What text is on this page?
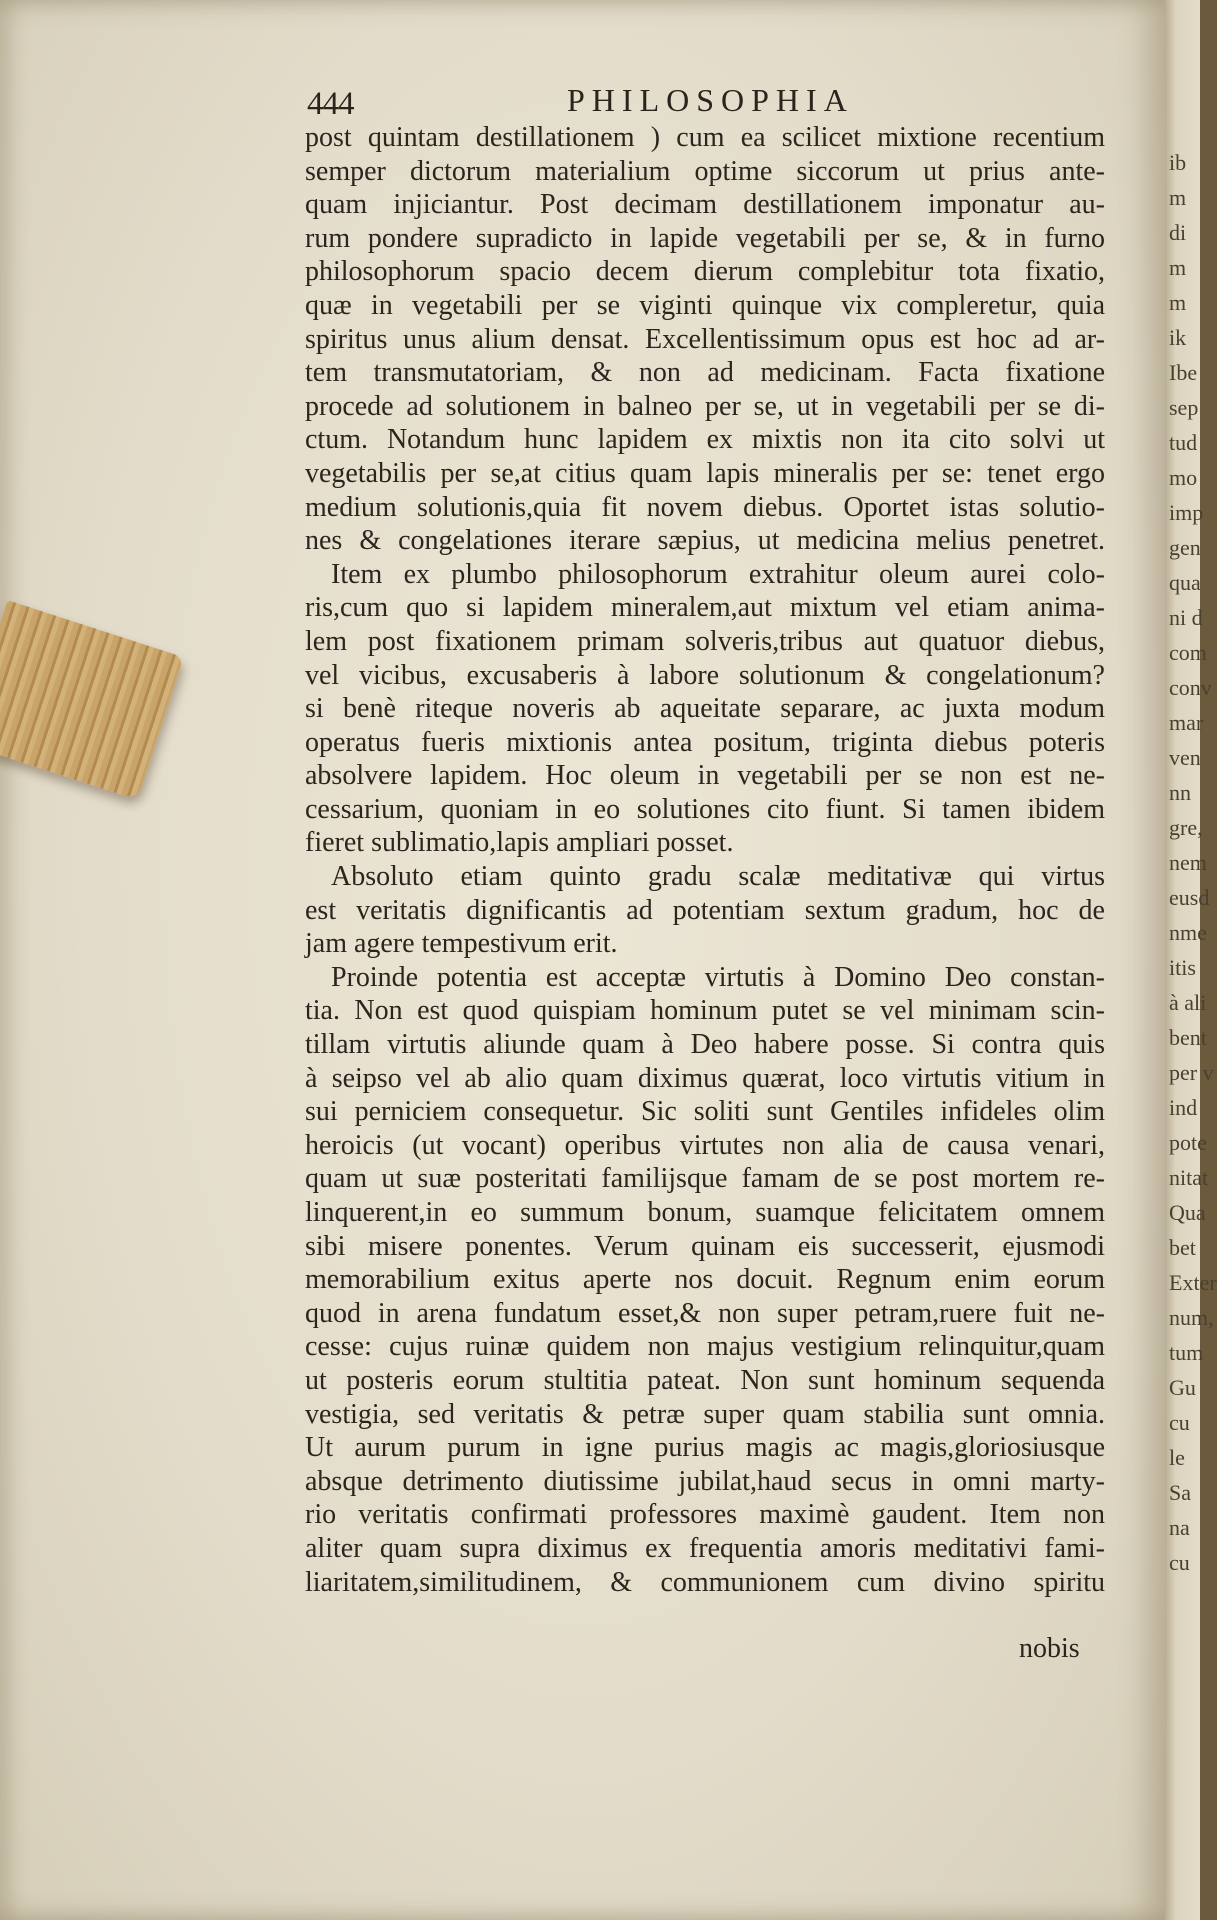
ib
m
di
m
m
ik
Ibe
sep
tud
mo
imp
gen
qua
ni d
com
conv
mar
ven
nn
gre,
nem
eusd
nme
itis
à ali
bent
per v
ind
pote
nitat
Qua
bet
Exter
num,
tum
Gu
cu
le
Sa
na
cu
444	PHILOSOPHIA
post quintam destillationem ) cum ea scilicet mixtione recentium
semper dictorum materialium optime siccorum ut prius ante-
quam injiciantur. Post decimam destillationem imponatur au-
rum pondere supradicto in lapide vegetabili per se, & in furno
philosophorum spacio decem dierum complebitur tota fixatio,
quæ in vegetabili per se viginti quinque vix compleretur, quia
spiritus unus alium densat. Excellentissimum opus est hoc ad ar-
tem transmutatoriam, & non ad medicinam. Facta fixatione
procede ad solutionem in balneo per se, ut in vegetabili per se di-
ctum. Notandum hunc lapidem ex mixtis non ita cito solvi ut
vegetabilis per se,at citius quam lapis mineralis per se: tenet ergo
medium solutionis,quia fit novem diebus. Oportet istas solutio-
nes & congelationes iterare sæpius, ut medicina melius penetret.
Item ex plumbo philosophorum extrahitur oleum aurei colo-
ris,cum quo si lapidem mineralem,aut mixtum vel etiam anima-
lem post fixationem primam solveris,tribus aut quatuor diebus,
vel vicibus, excusaberis à labore solutionum & congelationum?
si benè riteque noveris ab aqueitate separare, ac juxta modum
operatus fueris mixtionis antea positum, triginta diebus poteris
absolvere lapidem. Hoc oleum in vegetabili per se non est ne-
cessarium, quoniam in eo solutiones cito fiunt. Si tamen ibidem
fieret sublimatio,lapis ampliari posset.
Absoluto etiam quinto gradu scalæ meditativæ qui virtus
est veritatis dignificantis ad potentiam sextum gradum, hoc de
jam agere tempestivum erit.
Proinde potentia est acceptæ virtutis à Domino Deo constan-
tia. Non est quod quispiam hominum putet se vel minimam scin-
tillam virtutis aliunde quam à Deo habere posse. Si contra quis
à seipso vel ab alio quam diximus quærat, loco virtutis vitium in
sui perniciem consequetur. Sic soliti sunt Gentiles infideles olim
heroicis (ut vocant) operibus virtutes non alia de causa venari,
quam ut suæ posteritati familijsque famam de se post mortem re-
linquerent,in eo summum bonum, suamque felicitatem omnem
sibi misere ponentes. Verum quinam eis successerit, ejusmodi
memorabilium exitus aperte nos docuit. Regnum enim eorum
quod in arena fundatum esset,& non super petram,ruere fuit ne-
cesse: cujus ruinæ quidem non majus vestigium relinquitur,quam
ut posteris eorum stultitia pateat. Non sunt hominum sequenda
vestigia, sed veritatis & petræ super quam stabilia sunt omnia.
Ut aurum purum in igne purius magis ac magis,gloriosiusque
absque detrimento diutissime jubilat,haud secus in omni marty-
rio veritatis confirmati professores maximè gaudent. Item non
aliter quam supra diximus ex frequentia amoris meditativi fami-
liaritatem,similitudinem, & communionem cum divino spiritu
nobis
